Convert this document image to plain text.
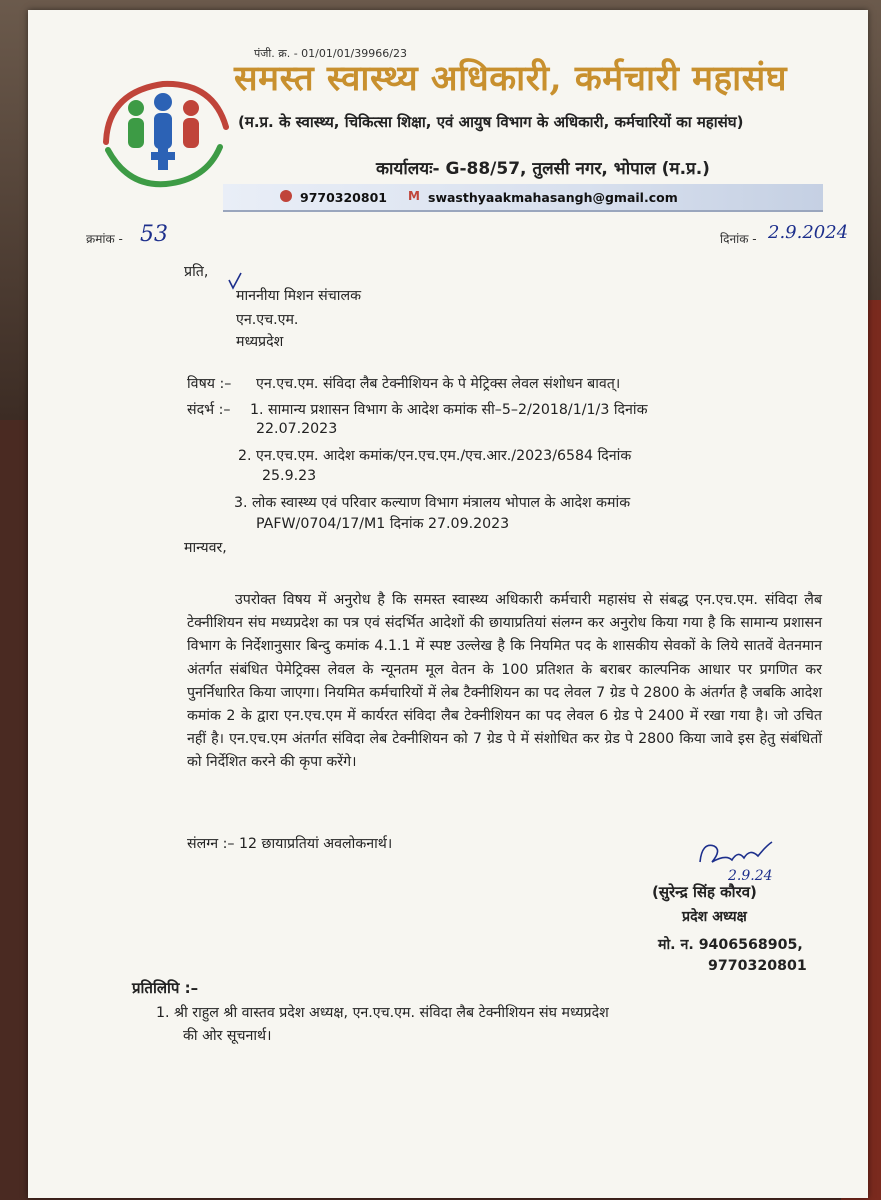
पंजी. क्र. - 01/01/01/39966/23
समस्त स्वास्थ्य अधिकारी, कर्मचारी महासंघ
(म.प्र. के स्वास्थ्य, चिकित्सा शिक्षा, एवं आयुष विभाग के अधिकारी, कर्मचारियों का महासंघ)
कार्यालयः- G-88/57, तुलसी नगर, भोपाल (म.प्र.)
9770320801 M swasthyaakmahasangh@gmail.com
क्रमांक - 53	दिनांक - 2.9.2024
प्रति,
माननीया मिशन संचालक
एन.एच.एम.
मध्यप्रदेश
विषय :– एन.एच.एम. संविदा लैब टेक्नीशियन के पे मेट्रिक्स लेवल संशोधन बावत्।
संदर्भ :– 1. सामान्य प्रशासन विभाग के आदेश कमांक सी–5–2/2018/1/1/3 दिनांक
22.07.2023
2. एन.एच.एम. आदेश कमांक/एन.एच.एम./एच.आर./2023/6584 दिनांक
25.9.23
3. लोक स्वास्थ्य एवं परिवार कल्याण विभाग मंत्रालय भोपाल के आदेश कमांक
PAFW/0704/17/M1 दिनांक 27.09.2023
मान्यवर,
उपरोक्त विषय में अनुरोध है कि समस्त स्वास्थ्य अधिकारी कर्मचारी महासंघ से संबद्ध एन.एच.एम. संविदा लैब टेक्नीशियन संघ मध्यप्रदेश का पत्र एवं संदर्भित आदेशों की छायाप्रतियां संलग्न कर अनुरोध किया गया है कि सामान्य प्रशासन विभाग के निर्देशानुसार बिन्दु कमांक 4.1.1 में स्पष्ट उल्लेख है कि नियमित पद के शासकीय सेवकों के लिये सातवें वेतनमान अंतर्गत संबंधित पेमेट्रिक्स लेवल के न्यूनतम मूल वेतन के 100 प्रतिशत के बराबर काल्पनिक आधार पर प्रगणित कर पुनर्निधारित किया जाएगा। नियमित कर्मचारियों में लेब टैक्नीशियन का पद लेवल 7 ग्रेड पे 2800 के अंतर्गत है जबकि आदेश कमांक 2 के द्वारा एन.एच.एम में कार्यरत संविदा लैब टेक्नीशियन का पद लेवल 6 ग्रेड पे 2400 में रखा गया है। जो उचित नहीं है। एन.एच.एम अंतर्गत संविदा लेब टेक्नीशियन को 7 ग्रेड पे में संशोधित कर ग्रेड पे 2800 किया जावे इस हेतु संबंधितों को निर्देशित करने की कृपा करेंगे।
संलग्न :– 12 छायाप्रतियां अवलोकनार्थ।
2.9.24
(सुरेन्द्र सिंह कौरव)
प्रदेश अध्यक्ष
मो. न. 9406568905,
9770320801
प्रतिलिपि :–
1. श्री राहुल श्री वास्तव प्रदेश अध्यक्ष, एन.एच.एम. संविदा लैब टेक्नीशियन संघ मध्यप्रदेश
की ओर सूचनार्थ।
